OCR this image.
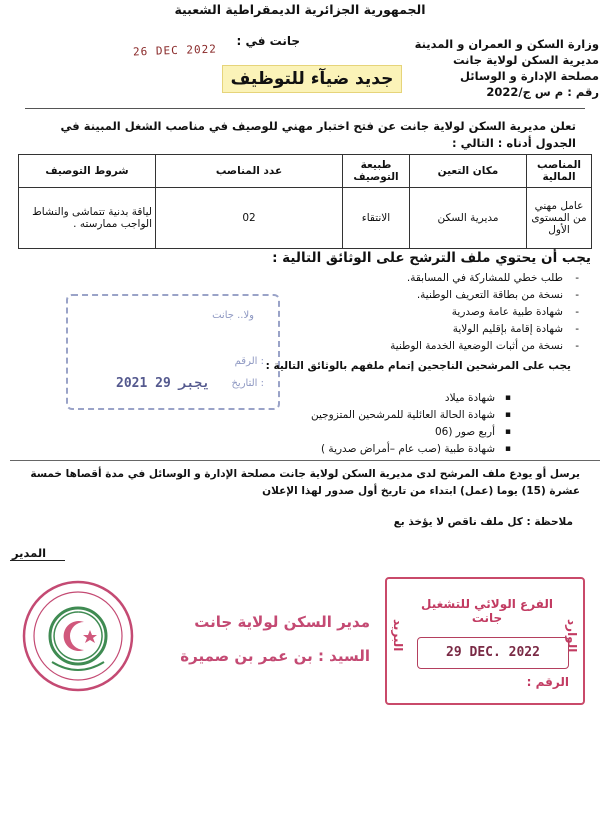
الجمهورية الجزائرية الديمقراطية الشعبية
وزارة السكن و العمران و المدينة
مديرية السكن لولاية جانت
مصلحة الإدارة و الوسائل
رقم : م س ج/2022
جانت في :
26 DEC 2022
جديد ضيآء للتوظيف
تعلن مديرية السكن لولاية جانت عن فتح اختبار مهني للوصيف في مناصب الشغل المبينة في الجدول أدناه : التالي :
المناصب المالية	مكان التعين	طبيعة التوصيف	عدد المناصب	شروط التوصيف
عامل مهني من المستوى الأول	مديرية السكن	الانتقاء	02	لياقة بدنية تتماشى والنشاط الواجب ممارسته .
يجب أن يحتوي ملف الترشح على الوثائق التالية :
- طلب خطي للمشاركة في المسابقة.
- نسخة من بطاقة التعريف الوطنية.
- شهادة طبية عامة وصدرية
- شهادة إقامة بإقليم الولاية
- نسخة من أثبات الوضعية الخدمة الوطنية
ولا.. جانت
الرقم :
التاريخ :
2021 يجبر 29
يجب على المرشحين الناجحين إتمام ملفهم بالوثائق التالية :
▪ شهادة ميلاد
▪ شهادة الحالة العائلية للمرشحين المتزوجين
▪ أربع صور (06
▪ شهادة طبية (صب عام –أمراض صدرية )
يرسل أو يودع ملف المرشح لدى مديرية السكن لولاية جانت مصلحة الإدارة و الوسائل في مدة أقصاها خمسة عشرة (15) يوما (عمل) ابتداء من تاريخ أول صدور لهذا الإعلان
ملاحظة : كل ملف ناقص لا يؤخذ بع
المدير
مدير السكن لولاية جانت
السيد : بن عمر بن صميرة
الفرع الولائي للتشغيل جانت
البريد	الوارد
29 DEC. 2022
الرقم :
